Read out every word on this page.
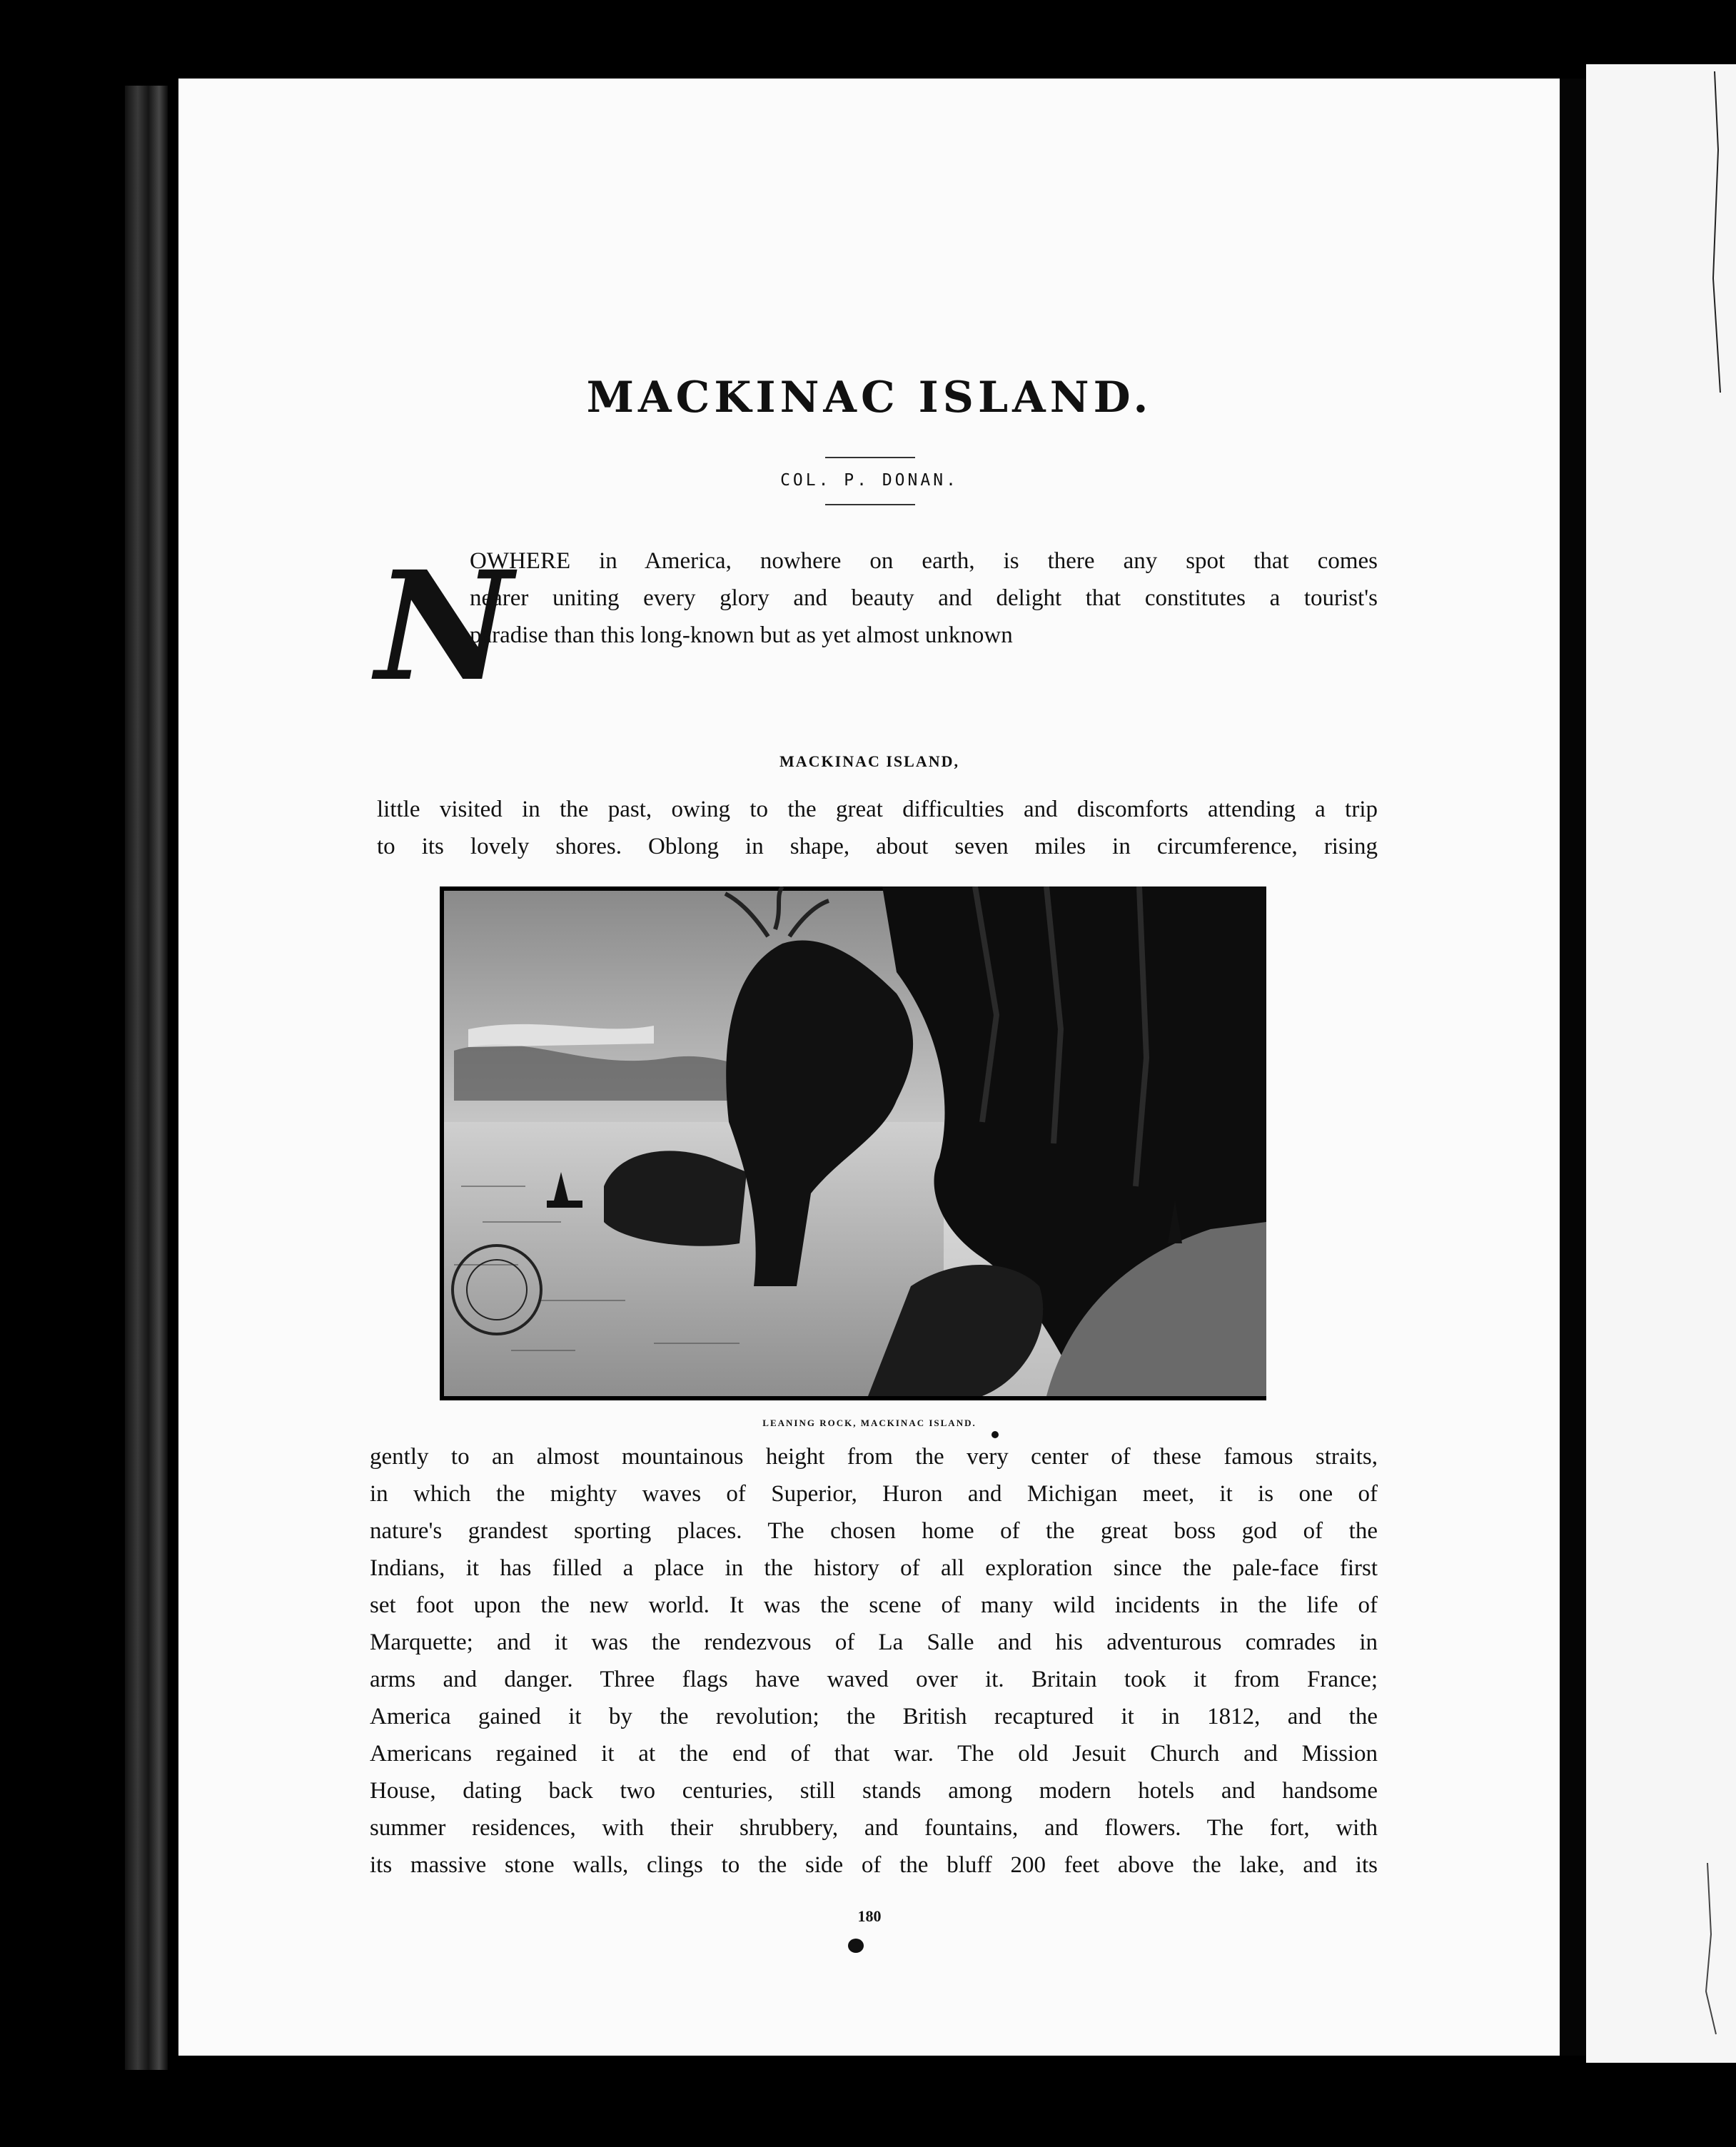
MACKINAC ISLAND.
COL. P. DONAN.
N
OWHERE in America, nowhere on earth, is there any spot that comes
nearer uniting every glory and beauty and delight that constitutes a tourist's
paradise than this long-known but as yet almost unknown
MACKINAC ISLAND,
little visited in the past, owing to the great difficulties and discomforts attending a trip
to its lovely shores. Oblong in shape, about seven miles in circumference, rising
LEANING ROCK, MACKINAC ISLAND.
gently to an almost mountainous height from the very center of these famous straits,
in which the mighty waves of Superior, Huron and Michigan meet, it is one of
nature's grandest sporting places. The chosen home of the great boss god of the
Indians, it has filled a place in the history of all exploration since the pale-face first
set foot upon the new world. It was the scene of many wild incidents in the life of
Marquette; and it was the rendezvous of La Salle and his adventurous comrades in
arms and danger. Three flags have waved over it. Britain took it from France;
America gained it by the revolution; the British recaptured it in 1812, and the
Americans regained it at the end of that war. The old Jesuit Church and Mission
House, dating back two centuries, still stands among modern hotels and handsome
summer residences, with their shrubbery, and fountains, and flowers. The fort, with
its massive stone walls, clings to the side of the bluff 200 feet above the lake, and its
180
